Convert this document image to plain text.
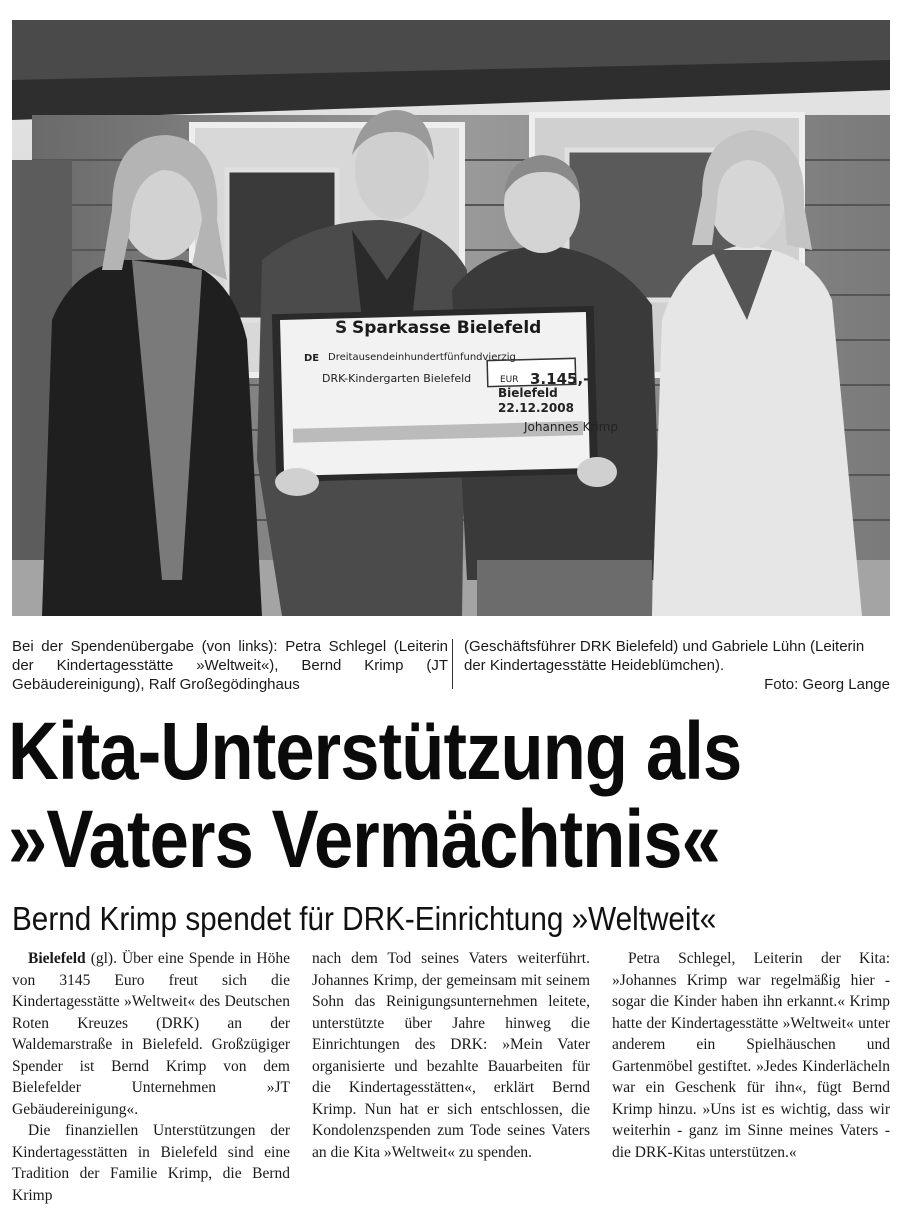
S Sparkasse Bielefeld
DE Dreitausendeinhundertfünfundvierzig
DRK-Kindergarten Bielefeld	EUR 3.145,-
Bielefeld
22.12.2008
Johannes Krimp
Bei der Spendenübergabe (von links): Petra Schlegel (Leiterin der Kindertagesstätte »Weltweit«), Bernd Krimp (JT Gebäudereinigung), Ralf Großegödinghaus
(Geschäftsführer DRK Bielefeld) und Gabriele Lühn (Leiterin der Kindertagesstätte Heideblümchen).
Foto: Georg Lange
Kita-Unterstützung als
»Vaters Vermächtnis«
Bernd Krimp spendet für DRK-Einrichtung »Weltweit«

Bielefeld (gl). Über eine Spende in Höhe von 3145 Euro freut sich die Kindertagesstätte »Weltweit« des Deutschen Roten Kreuzes (DRK) an der Waldemarstraße in Bielefeld. Großzügiger Spender ist Bernd Krimp von dem Bielefelder Unternehmen »JT Gebäudereinigung«.

Die finanziellen Unterstützungen der Kindertagesstätten in Bielefeld sind eine Tradition der Familie Krimp, die Bernd Krimp

nach dem Tod seines Vaters weiterführt. Johannes Krimp, der gemeinsam mit seinem Sohn das Reinigungsunternehmen leitete, unterstützte über Jahre hinweg die Einrichtungen des DRK: »Mein Vater organisierte und bezahlte Bauarbeiten für die Kindertagesstätten«, erklärt Bernd Krimp. Nun hat er sich entschlossen, die Kondolenzspenden zum Tode seines Vaters an die Kita »Weltweit« zu spenden.

Petra Schlegel, Leiterin der Kita: »Johannes Krimp war regelmäßig hier - sogar die Kinder haben ihn erkannt.« Krimp hatte der Kindertagesstätte »Weltweit« unter anderem ein Spielhäuschen und Gartenmöbel gestiftet. »Jedes Kinderlächeln war ein Geschenk für ihn«, fügt Bernd Krimp hinzu. »Uns ist es wichtig, dass wir weiterhin - ganz im Sinne meines Vaters - die DRK-Kitas unterstützen.«
